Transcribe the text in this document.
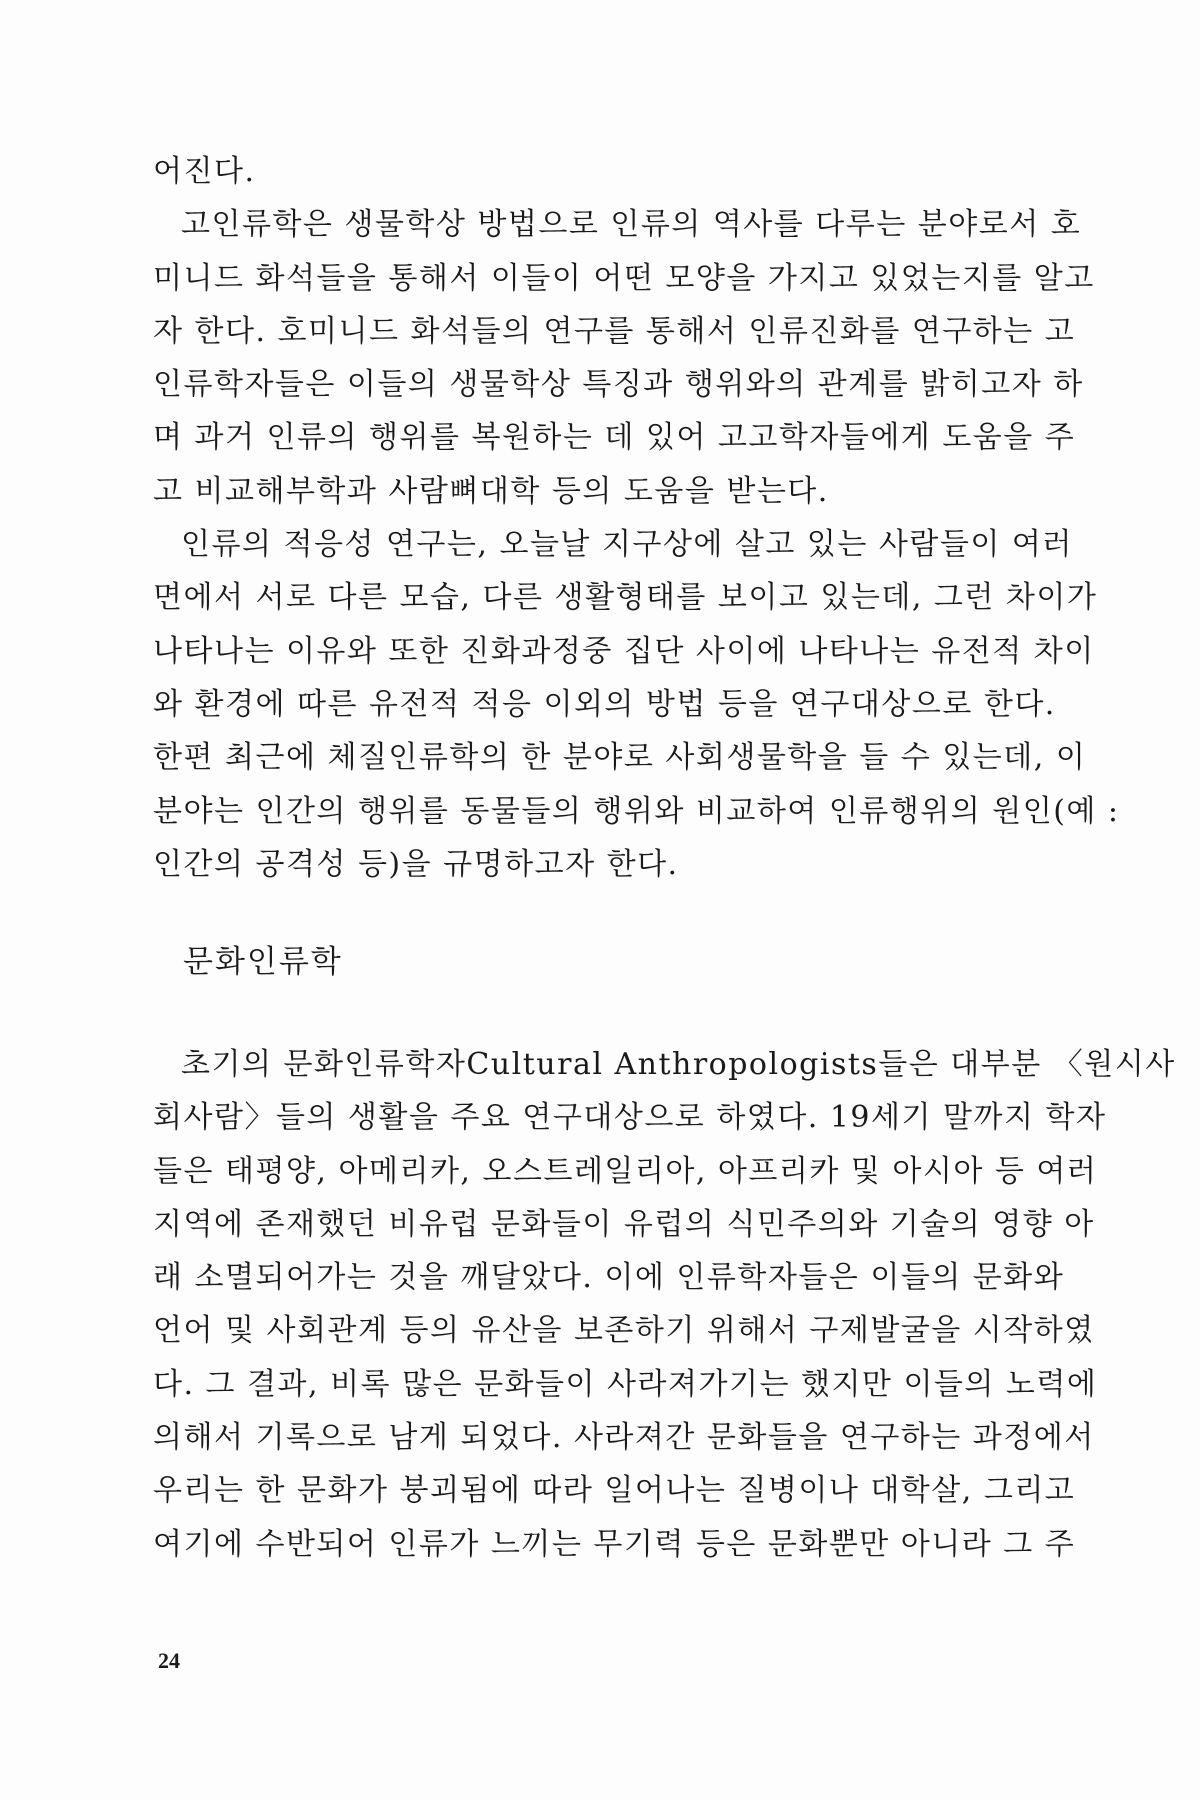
어진다.
고인류학은 생물학상 방법으로 인류의 역사를 다루는 분야로서 호
미니드 화석들을 통해서 이들이 어떤 모양을 가지고 있었는지를 알고
자 한다. 호미니드 화석들의 연구를 통해서 인류진화를 연구하는 고
인류학자들은 이들의 생물학상 특징과 행위와의 관계를 밝히고자 하
며 과거 인류의 행위를 복원하는 데 있어 고고학자들에게 도움을 주
고 비교해부학과 사람뼈대학 등의 도움을 받는다.
인류의 적응성 연구는, 오늘날 지구상에 살고 있는 사람들이 여러
면에서 서로 다른 모습, 다른 생활형태를 보이고 있는데, 그런 차이가
나타나는 이유와 또한 진화과정중 집단 사이에 나타나는 유전적 차이
와 환경에 따른 유전적 적응 이외의 방법 등을 연구대상으로 한다.
한편 최근에 체질인류학의 한 분야로 사회생물학을 들 수 있는데, 이
분야는 인간의 행위를 동물들의 행위와 비교하여 인류행위의 원인(예 :
인간의 공격성 등)을 규명하고자 한다.
문화인류학
초기의 문화인류학자Cultural Anthropologists들은 대부분 〈원시사
회사람〉들의 생활을 주요 연구대상으로 하였다. 19세기 말까지 학자
들은 태평양, 아메리카, 오스트레일리아, 아프리카 및 아시아 등 여러
지역에 존재했던 비유럽 문화들이 유럽의 식민주의와 기술의 영향 아
래 소멸되어가는 것을 깨달았다. 이에 인류학자들은 이들의 문화와
언어 및 사회관계 등의 유산을 보존하기 위해서 구제발굴을 시작하였
다. 그 결과, 비록 많은 문화들이 사라져가기는 했지만 이들의 노력에
의해서 기록으로 남게 되었다. 사라져간 문화들을 연구하는 과정에서
우리는 한 문화가 붕괴됨에 따라 일어나는 질병이나 대학살, 그리고
여기에 수반되어 인류가 느끼는 무기력 등은 문화뿐만 아니라 그 주
24
